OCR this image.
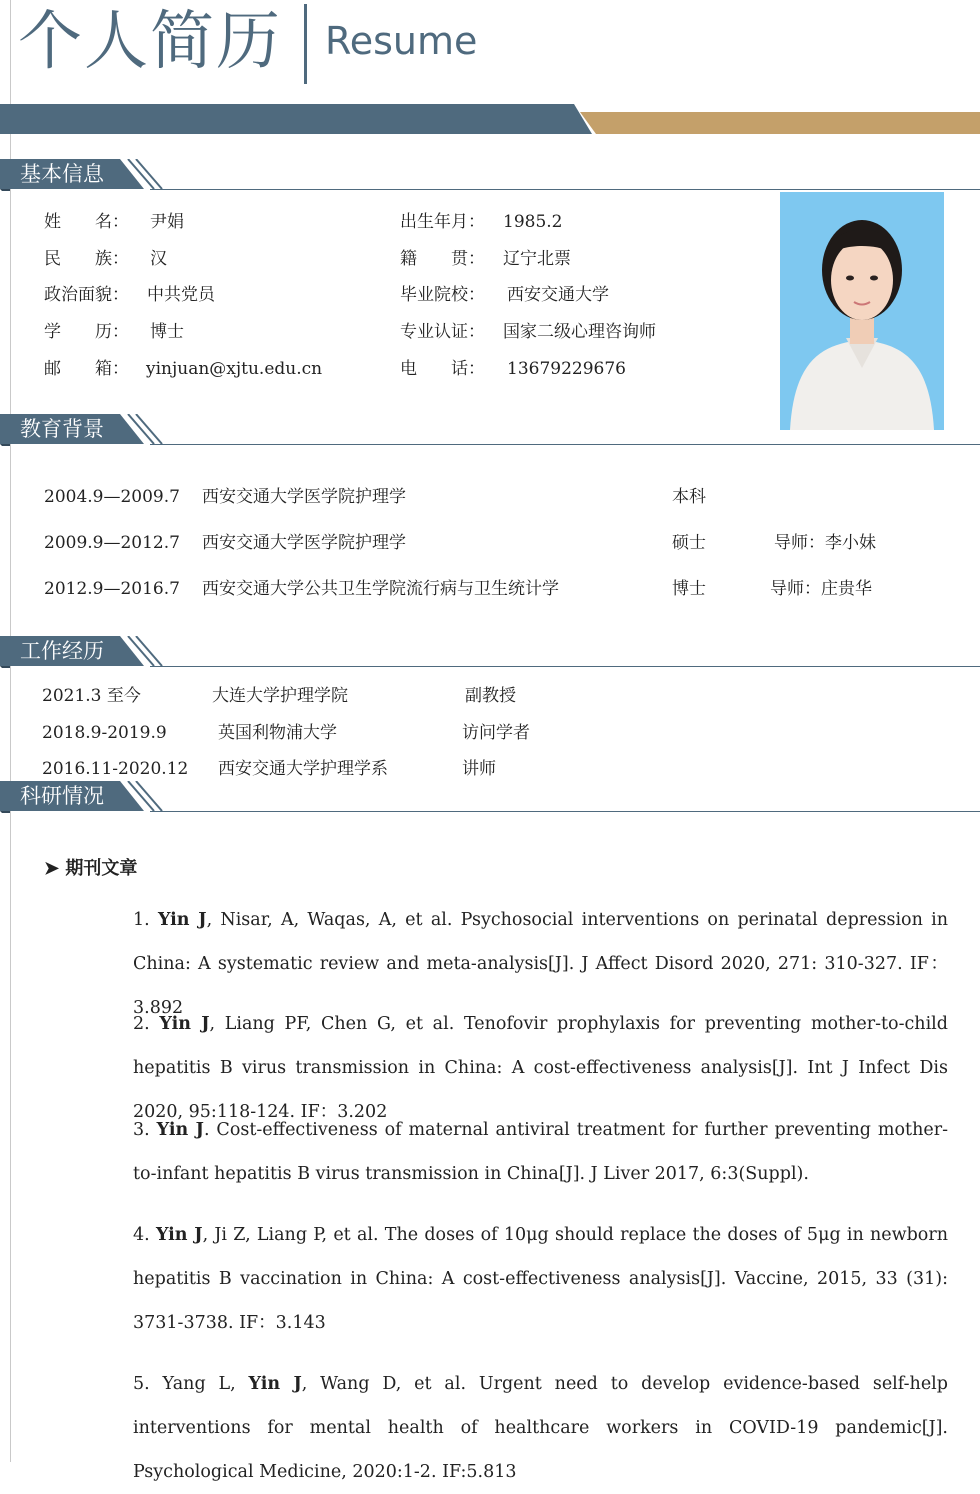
个人简历 Resume
基本信息
姓　　名： 尹娟	出生年月： 1985.2
民　　族： 汉	籍　　贯： 辽宁北票
政治面貌： 中共党员	毕业院校： 西安交通大学
学　　历： 博士	专业认证： 国家二级心理咨询师
邮　　箱： yinjuan@xjtu.edu.cn	电　　话： 13679229676
教育背景
2004.9—2009.7 西安交通大学医学院护理学	本科
2009.9—2012.7 西安交通大学医学院护理学	硕士	导师：李小妹
2012.9—2016.7 西安交通大学公共卫生学院流行病与卫生统计学	博士	导师：庄贵华
工作经历
2021.3 至今	大连大学护理学院	副教授
2018.9-2019.9	英国利物浦大学	访问学者
2016.11-2020.12 西安交通大学护理学系	讲师
科研情况
➤ 期刊文章
1. Yin J, Nisar, A, Waqas, A, et al. Psychosocial interventions on perinatal depression in China: A systematic review and meta-analysis[J]. J Affect Disord 2020, 271: 310-327. IF：3.892
2. Yin J, Liang PF, Chen G, et al. Tenofovir prophylaxis for preventing mother-to-child hepatitis B virus transmission in China: A cost-effectiveness analysis[J]. Int J Infect Dis 2020, 95:118-124. IF：3.202
3. Yin J. Cost-effectiveness of maternal antiviral treatment for further preventing mother-to-infant hepatitis B virus transmission in China[J]. J Liver 2017, 6:3(Suppl).
4. Yin J, Ji Z, Liang P, et al. The doses of 10μg should replace the doses of 5μg in newborn hepatitis B vaccination in China: A cost-effectiveness analysis[J]. Vaccine, 2015, 33 (31): 3731-3738. IF：3.143
5. Yang L, Yin J, Wang D, et al. Urgent need to develop evidence-based self-help interventions for mental health of healthcare workers in COVID-19 pandemic[J]. Psychological Medicine, 2020:1-2. IF:5.813
